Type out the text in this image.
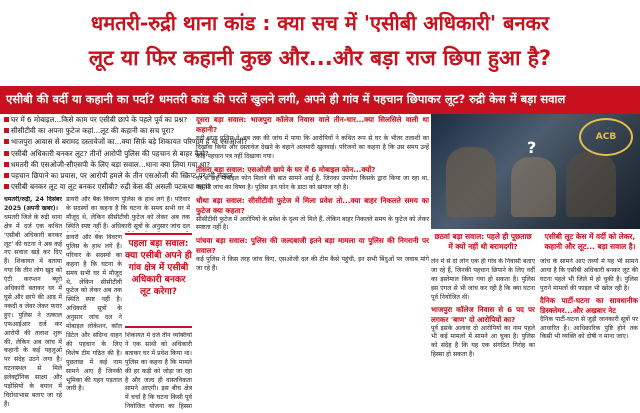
धमतरी-रुद्री थाना कांड : क्या सच में 'एसीबी अधिकारी' बनकर
लूट या फिर कहानी कुछ और...और बड़ा राज छिपा हुआ है?
एसीबी की वर्दी या कहानी का पर्दा? धमतरी कांड की परतें खुलने लगी, अपने ही गांव में पहचान छिपाकर लूट? रुद्री केस में बड़ा सवाल
घर में 6 मोबाइल...किसे काम पर एसीबी छापे के पहले पूर्व का प्रश्न?
सीसीटीवी का अपना फुटेज कहां...लूट की कहानी का सच पूरा?
भाजपुरा आवास से बरामद दस्तावेजों का...क्या सिर्फ़ बड़े शिकायत परिणाम है या एसओजी?
एसीबी अधिकारी बनकर लूट? तीनों आरोपी पुलिस की पहचान से बाहर कैसे?
धमतरी की एसओजी-सीएसपी के लिए बड़ा सवाल...थाना क्या लिया गया था?
पहचान छिपाने का प्रयास, पर आरोपी हमले के तीन एसओजी की स्क्रिप्ट पर भी सवाल
एसीबी बनकर लूट या लूट बनकर एसीबी? रुद्री केस की असली पटकथा कहां?
धमतरी/रुद्री, 24 दिसंबर 2025 (अपनी खबर)।
धमतरी जिले के रुद्री थाना क्षेत्र में दर्ज एक कथित 'एसीबी अधिकारी बनकर लूट' की घटना ने अब कई नए सवाल खड़े कर दिए हैं। शिकायत में बताया गया कि तीन लोग खुद को एंटी करप्शन ब्यूरो अधिकारी बताकर घर में घुसे और छापे की आड़ में नकदी व जेवर लेकर फरार हुए। पुलिस ने तत्काल एफआईआर दर्ज कर आरोपी की तलाश शुरू की, लेकिन अब जांच में कहानी के कई पहलुओं पर संदेह उठने लगा है। घटनास्थल से मिले इलेक्ट्रॉनिक साक्ष्य और पड़ोसियों के बयान में विरोधाभास बताए जा रहे हैं।
डायरी और बैंक विवरण पुलिस के हाथ लगे हैं। परिवार के सदस्यों का कहना है कि घटना के समय सभी घर में मौजूद थे, लेकिन सीसीटीवी फुटेज को लेकर अब तक स्थिति स्पष्ट नहीं है। अधिकारी सूत्रों के अनुसार जांच दल
डायरी और बैंक विवरण पुलिस के हाथ लगे हैं। परिवार के सदस्यों का कहना है कि घटना के समय सभी घर में मौजूद थे, लेकिन सीसीटीवी फुटेज को लेकर अब तक स्थिति स्पष्ट नहीं है। अधिकारी सूत्रों के अनुसार जांच दल ने मोबाइल लोकेशन, कॉल डिटेल और संदिग्ध वाहन की पहचान के लिए विशेष टीम गठित की है। पूछताछ में कई नाम सामने आए हैं जिनकी भूमिका की गहन पड़ताल जारी है।
पहला बड़ा सवाल: क्या एसीबी अपने ही गांव क्षेत्र में एसीबी अधिकारी बनकर लूट करेगा?
शिकायत में दर्ज तीन व्यक्तियों ने एक साथी को अधिकारी बताकर घर में प्रवेश किया था। पुलिस का कहना है कि मामले की हर कड़ी को जोड़ा जा रहा है और जल्द ही वास्तविकता सामने आएगी। इस बीच क्षेत्र में चर्चा है कि घटना किसी पूर्व नियोजित योजना का हिस्सा
दूसरा बड़ा सवाल: भाजपुरा कॉलेज निवास वाले तीन-चार...क्या सिलसिले वाली था कहानी?
रुद्री थाना पुलिस ने अब तक की जांच में पाया कि आरोपियों ने कथित रूप से घर के भीतर तलाशी का दिखावा किया और दस्तावेज देखने के बहाने अलमारी खुलवाई। परिजनों का कहना है कि उस समय उन्हें कोई पहचान पत्र नहीं दिखाया गया।
तीसरा बड़ा सवाल: एसओजी छापे के घर में 6 मोबाइल फोन...क्यों?
घर से छह मोबाइल फोन मिलने की बात सामने आई है, जिनका उपयोग किसके द्वारा किया जा रहा था, यह भी जांच का विषय है। पुलिस इन फोन के डाटा को खंगाल रही है।
चौथा बड़ा सवाल: सीसीटीवी फुटेज में मिला प्रवेश तो...क्या बाहर निकलते समय का फुटेज क्या कहता?
सीसीटीवी फुटेज में आरोपियों के प्रवेश के दृश्य तो मिले हैं, लेकिन बाहर निकलते समय के फुटेज को लेकर स्पष्टता नहीं है।
पांचवा बड़ा सवाल: पुलिस की जल्दबाजी इतने बड़ा मामला या पुलिस की निगरानी पर सवाल?
कई पुलिस ने किस तरह जांच किए, एसओजी दल की टीम कैसे पहुंची, इन सभी बिंदुओं पर जवाब मांगे जा रहे हैं।
?
ACB
छठवां बड़ा सवाल: पहले ही पूछताछ में क्यों नहीं थी बरामदगी?
एसीबी लूट केस में वर्दी को लेकर, कहानी और लूट... बड़ा सवाल है।
लेन में से दो लोग एक ही गांव के निवासी बताए जा रहे हैं, जिनकी पहचान छिपाने के लिए वर्दी का इस्तेमाल किया गया हो सकता है। पुलिस इस एंगल से भी जांच कर रही है कि क्या घटना पूर्व नियोजित थी।
भाजपुरा कॉलेज निवास से 6 पद पर लगकर 'बाण' दो आरोपियों का?
पूर्व इसके अलावा दो आरोपियों का नाम पहले भी कई मामलों में सामने आ चुका है। पुलिस को संदेह है कि यह एक संगठित गिरोह का हिस्सा हो सकता है।
जांच के सामने आए तथ्यों में यह भी सामने आया है कि एसीबी अधिकारी बनकर लूट की घटना पहले भी जिले में हो चुकी है। पुलिस पुराने मामलों की फाइल भी खोल रही है।
दैनिक पार्टी-घटना का सावधानीक डिस्क्लेमर...और अखबार नेट
दैनिक पार्टी-घटना से जुड़ी जानकारी सूत्रों पर आधारित है। आधिकारिक पुष्टि होने तक किसी भी व्यक्ति को दोषी न माना जाए।
